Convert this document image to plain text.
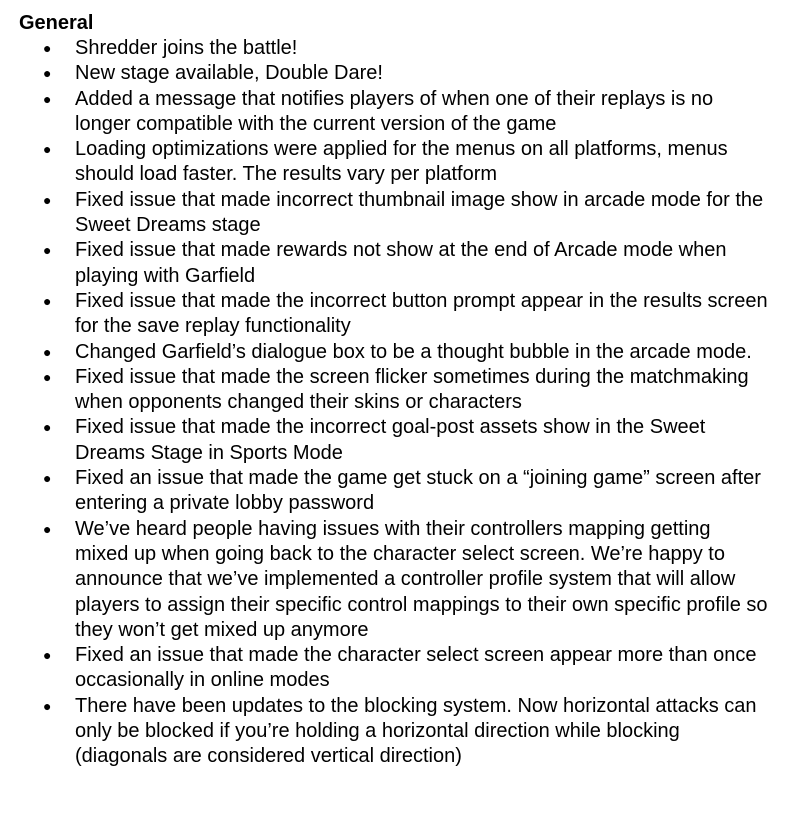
General
● Shredder joins the battle!
● New stage available, Double Dare!
● Added a message that notifies players of when one of their replays is no longer compatible with the current version of the game
● Loading optimizations were applied for the menus on all platforms, menus should load faster. The results vary per platform
● Fixed issue that made incorrect thumbnail image show in arcade mode for the Sweet Dreams stage
● Fixed issue that made rewards not show at the end of Arcade mode when playing with Garfield
● Fixed issue that made the incorrect button prompt appear in the results screen for the save replay functionality
● Changed Garfield’s dialogue box to be a thought bubble in the arcade mode.
● Fixed issue that made the screen flicker sometimes during the matchmaking when opponents changed their skins or characters
● Fixed issue that made the incorrect goal-post assets show in the Sweet Dreams Stage in Sports Mode
● Fixed an issue that made the game get stuck on a “joining game” screen after entering a private lobby password
● We’ve heard people having issues with their controllers mapping getting mixed up when going back to the character select screen. We’re happy to announce that we’ve implemented a controller profile system that will allow players to assign their specific control mappings to their own specific profile so they won’t get mixed up anymore
● Fixed an issue that made the character select screen appear more than once occasionally in online modes
● There have been updates to the blocking system. Now horizontal attacks can only be blocked if you’re holding a horizontal direction while blocking (diagonals are considered vertical direction)
